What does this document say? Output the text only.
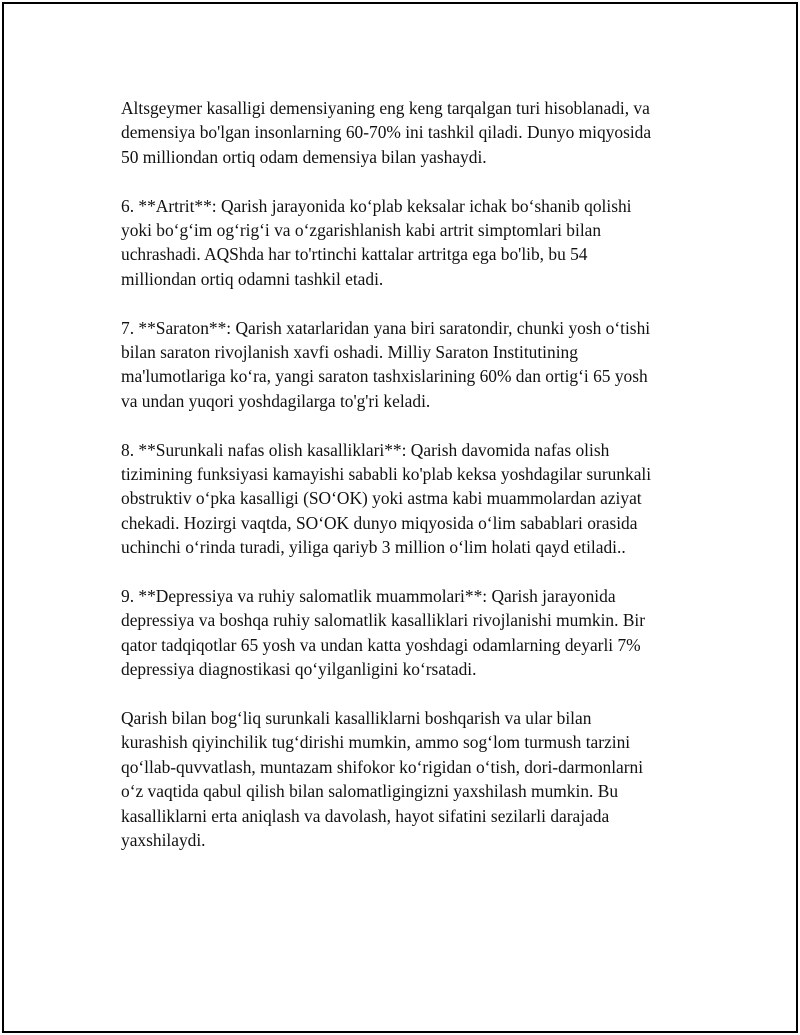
Altsgeymer kasalligi demensiyaning eng keng tarqalgan turi hisoblanadi, va
demensiya bo'lgan insonlarning 60-70% ini tashkil qiladi. Dunyo miqyosida
50 milliondan ortiq odam demensiya bilan yashaydi.

6. **Artrit**: Qarish jarayonida ko‘plab keksalar ichak bo‘shanib qolishi
yoki bo‘g‘im og‘rig‘i va o‘zgarishlanish kabi artrit simptomlari bilan
uchrashadi. AQShda har to'rtinchi kattalar artritga ega bo'lib, bu 54
milliondan ortiq odamni tashkil etadi.

7. **Saraton**: Qarish xatarlaridan yana biri saratondir, chunki yosh o‘tishi
bilan saraton rivojlanish xavfi oshadi. Milliy Saraton Institutining
ma'lumotlariga ko‘ra, yangi saraton tashxislarining 60% dan ortig‘i 65 yosh
va undan yuqori yoshdagilarga to'g'ri keladi.

8. **Surunkali nafas olish kasalliklari**: Qarish davomida nafas olish
tizimining funksiyasi kamayishi sababli ko'plab keksa yoshdagilar surunkali
obstruktiv o‘pka kasalligi (SO‘OK) yoki astma kabi muammolardan aziyat
chekadi. Hozirgi vaqtda, SO‘OK dunyo miqyosida o‘lim sabablari orasida
uchinchi o‘rinda turadi, yiliga qariyb 3 million o‘lim holati qayd etiladi..

9. **Depressiya va ruhiy salomatlik muammolari**: Qarish jarayonida
depressiya va boshqa ruhiy salomatlik kasalliklari rivojlanishi mumkin. Bir
qator tadqiqotlar 65 yosh va undan katta yoshdagi odamlarning deyarli 7%
depressiya diagnostikasi qo‘yilganligini ko‘rsatadi.

Qarish bilan bog‘liq surunkali kasalliklarni boshqarish va ular bilan
kurashish qiyinchilik tug‘dirishi mumkin, ammo sog‘lom turmush tarzini
qo‘llab-quvvatlash, muntazam shifokor ko‘rigidan o‘tish, dori-darmonlarni
o‘z vaqtida qabul qilish bilan salomatligingizni yaxshilash mumkin. Bu
kasalliklarni erta aniqlash va davolash, hayot sifatini sezilarli darajada
yaxshilaydi.
